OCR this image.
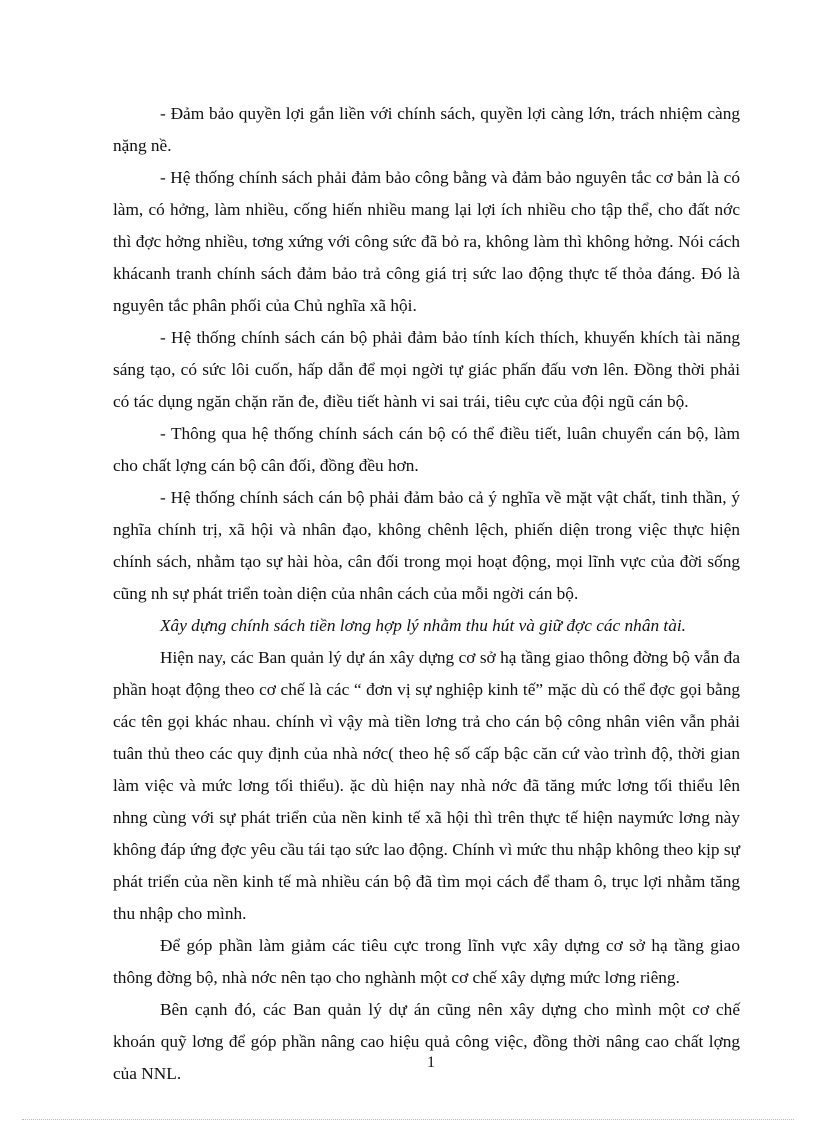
- Đảm bảo quyền lợi gắn liền với chính sách, quyền lợi càng lớn, trách nhiệm càng nặng nề.

- Hệ thống chính sách phải đảm bảo công bằng và đảm bảo nguyên tắc cơ bản là có làm, có hởng, làm nhiều, cống hiến nhiều mang lại lợi ích nhiều cho tập thể, cho đất nớc thì đợc hởng nhiều, tơng xứng với công sức đã bỏ ra, không làm thì không hởng. Nói cách khácanh tranh chính sách đảm bảo trả công giá trị sức lao động thực tế thỏa đáng. Đó là nguyên tắc phân phối của Chủ nghĩa xã hội.

- Hệ thống chính sách cán bộ phải đảm bảo tính kích thích, khuyến khích tài năng sáng tạo, có sức lôi cuốn, hấp dẫn để mọi ngời tự giác phấn đấu vơn lên. Đồng thời phải có tác dụng ngăn chặn răn đe, điều tiết hành vi sai trái, tiêu cực của đội ngũ cán bộ.

- Thông qua hệ thống chính sách cán bộ có thể điều tiết, luân chuyển cán bộ, làm cho chất lợng cán bộ cân đối, đồng đều hơn.

- Hệ thống chính sách cán bộ phải đảm bảo cả ý nghĩa về mặt vật chất, tinh thần, ý nghĩa chính trị, xã hội và nhân đạo, không chênh lệch, phiến diện trong việc thực hiện chính sách, nhằm tạo sự hài hòa, cân đối trong mọi hoạt động, mọi lĩnh vực của đời sống cũng nh sự phát triển toàn diện của nhân cách của mỗi ngời cán bộ.

Xây dựng chính sách tiền lơng hợp lý nhằm thu hút và giữ đợc các nhân tài.

Hiện nay, các Ban quản lý dự án xây dựng cơ sở hạ tầng giao thông đờng bộ vẫn đa phần hoạt động theo cơ chế là các “ đơn vị sự nghiệp kinh tế” mặc dù có thể đợc gọi bằng các tên gọi khác nhau. chính vì vậy mà tiền lơng trả cho cán bộ công nhân viên vẫn phải tuân thủ theo các quy định của nhà nớc( theo hệ số cấp bậc căn cứ vào trình độ, thời gian làm việc và mức lơng tối thiểu). ặc dù hiện nay nhà nớc đã tăng mức lơng tối thiểu lên nhng cùng với sự phát triển của nền kinh tế xã hội thì trên thực tế hiện naymức lơng này không đáp ứng đợc yêu cầu tái tạo sức lao động. Chính vì mức thu nhập không theo kịp sự phát triển của nền kinh tế mà nhiều cán bộ đã tìm mọi cách để tham ô, trục lợi nhằm tăng thu nhập cho mình.

Để góp phần làm giảm các tiêu cực trong lĩnh vực xây dựng cơ sở hạ tầng giao thông đờng bộ, nhà nớc nên tạo cho nghành một cơ chế xây dựng mức lơng riêng.

Bên cạnh đó, các Ban quản lý dự án cũng nên xây dựng cho mình một cơ chế khoán quỹ lơng để góp phần nâng cao hiệu quả công việc, đồng thời nâng cao chất lợng của NNL.

1
